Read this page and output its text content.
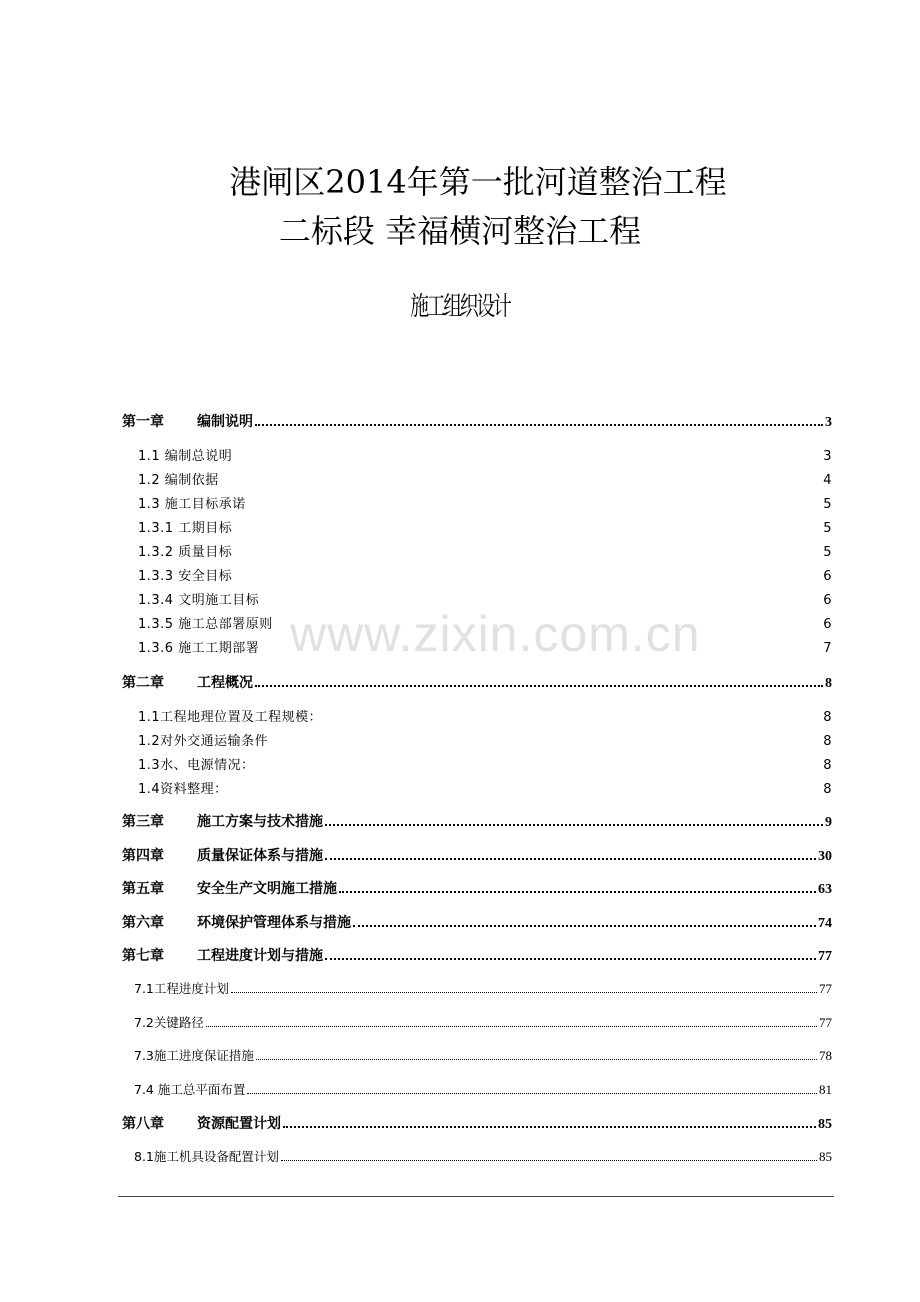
港闸区2014年第一批河道整治工程
二标段 幸福横河整治工程
施工组织设计
www.zixin.com.cn
第一章 编制说明	3
1.1 编制总说明	3
1.2 编制依据	4
1.3 施工目标承诺	5
1.3.1 工期目标	5
1.3.2 质量目标	5
1.3.3 安全目标	6
1.3.4 文明施工目标	6
1.3.5 施工总部署原则	6
1.3.6 施工工期部署	7
第二章 工程概况	8
1.1工程地理位置及工程规模：	8
1.2对外交通运输条件	8
1.3水、电源情况：	8
1.4资料整理：	8
第三章 施工方案与技术措施	9
第四章 质量保证体系与措施	30
第五章 安全生产文明施工措施	63
第六章 环境保护管理体系与措施	74
第七章 工程进度计划与措施	77
7.1工程进度计划	77
7.2关键路径	77
7.3施工进度保证措施	78
7.4 施工总平面布置	81
第八章 资源配置计划	85
8.1施工机具设备配置计划	85
